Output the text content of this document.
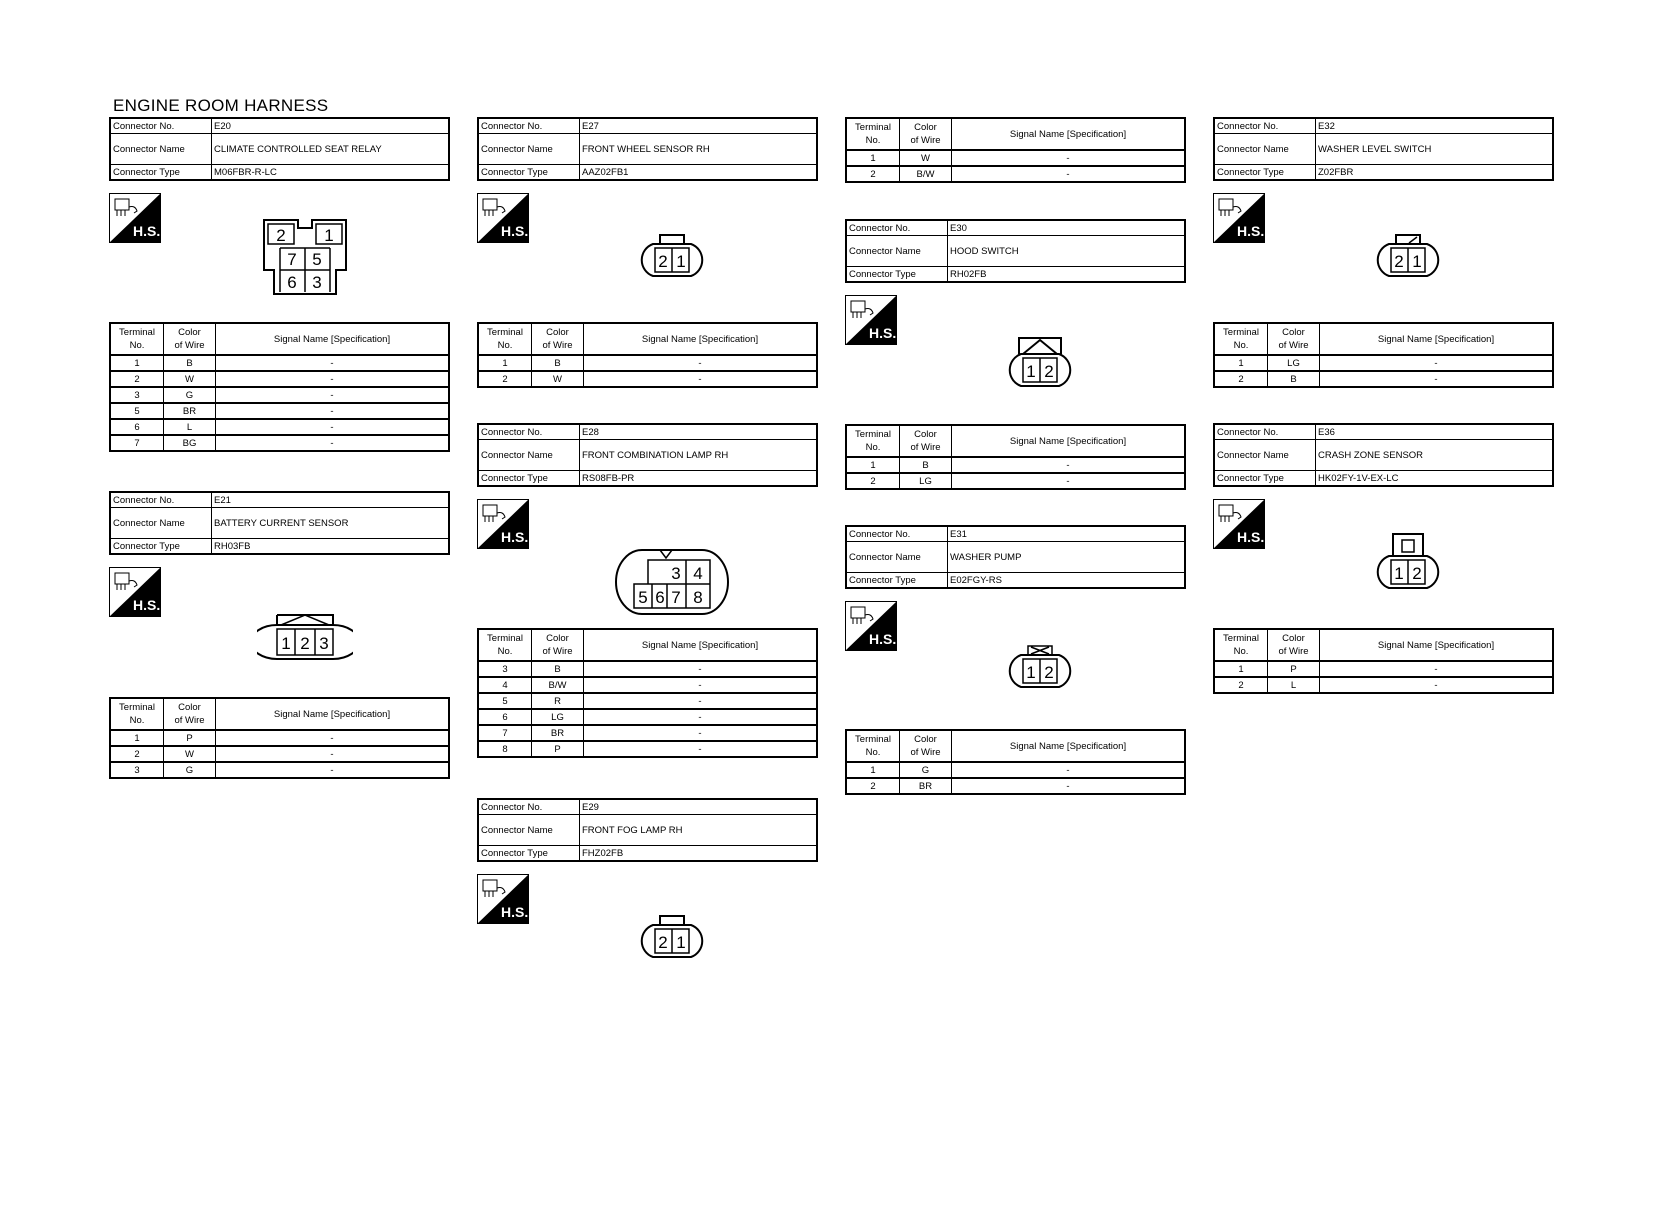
ENGINE ROOM HARNESS
Connector No.	E20
Connector Name	CLIMATE CONTROLLED SEAT RELAY
Connector Type	M06FBR-R-LC
H.S.	2 1
7 5
6 3
Terminal
No.	Color
of Wire	Signal Name [Specification]
1	B	-
2	W	-
3	G	-
5	BR	-
6	L	-
7	BG	-
Connector No.	E21
Connector Name	BATTERY CURRENT SENSOR
Connector Type	RH03FB
H.S.
1 2 3
Terminal
No.	Color
of Wire	Signal Name [Specification]
1	P	-
2	W	-
3	G	-
Connector No.	E27
Connector Name	FRONT WHEEL SENSOR RH
Connector Type	AAZ02FB1
H.S.
2 1
Terminal
No.	Color
of Wire	Signal Name [Specification]
1	B	-
2	W	-
Connector No.	E28
Connector Name	FRONT COMBINATION LAMP RH
Connector Type	RS08FB-PR
H.S.
3 4
5 6 7 8
Terminal
No.	Color
of Wire	Signal Name [Specification]
3	B	-
4	B/W	-
5	R	-
6	LG	-
7	BR	-
8	P	-
Connector No.	E29
Connector Name	FRONT FOG LAMP RH
Connector Type	FHZ02FB
H.S.
2 1
Connector No.	E30
Connector Name	HOOD SWITCH
Connector Type	RH02FB
H.S.
1 2
Terminal
No.	Color
of Wire	Signal Name [Specification]
1	B	-
2	LG	-
Connector No.	E31
Connector Name	WASHER PUMP
Connector Type	E02FGY-RS
H.S.
1 2
Terminal
No.	Color
of Wire	Signal Name [Specification]
1	G	-
2	BR	-
Connector No.	E32
Connector Name	WASHER LEVEL SWITCH
Connector Type	Z02FBR
H.S.
2 1
Terminal
No.	Color
of Wire	Signal Name [Specification]
1	LG	-
2	B	-
Connector No.	E36
Connector Name	CRASH ZONE SENSOR
Connector Type	HK02FY-1V-EX-LC
H.S.
1 2
Terminal
No.	Color
of Wire	Signal Name [Specification]
1	P	-
2	L	-
Terminal
No.	Color
of Wire	Signal Name [Specification]
1	W	-
2	B/W	-
